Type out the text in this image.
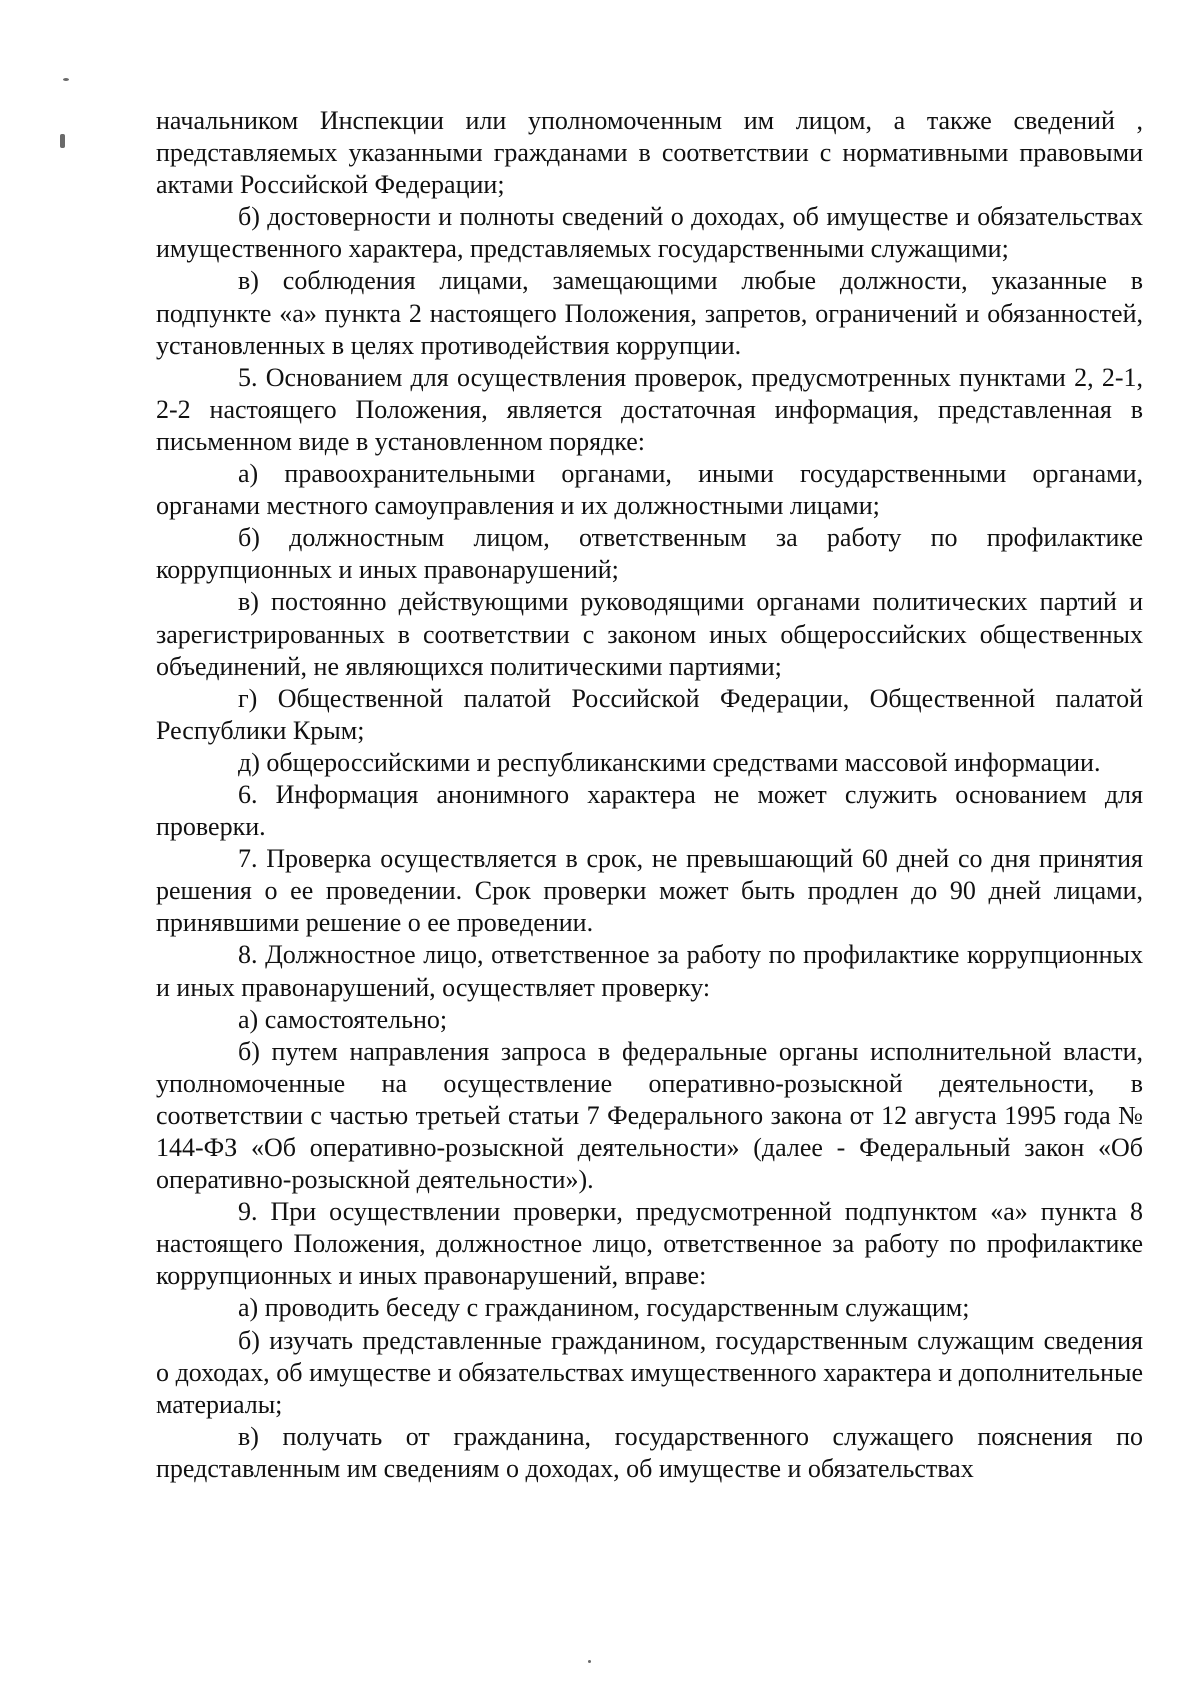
начальником Инспекции или уполномоченным им лицом, а также сведений , представляемых указанными гражданами в соответствии с нормативными правовыми актами Российской Федерации;

б) достоверности и полноты сведений о доходах, об имуществе и обязательствах имущественного характера, представляемых государственными служащими;

в) соблюдения лицами, замещающими любые должности, указанные в подпункте «а» пункта 2 настоящего Положения, запретов, ограничений и обязанностей, установленных в целях противодействия коррупции.

5. Основанием для осуществления проверок, предусмотренных пунктами 2, 2-1, 2-2 настоящего Положения, является достаточная информация, представленная в письменном виде в установленном порядке:

а) правоохранительными органами, иными государственными органами, органами местного самоуправления и их должностными лицами;

б) должностным лицом, ответственным за работу по профилактике коррупционных и иных правонарушений;

в) постоянно действующими руководящими органами политических партий и зарегистрированных в соответствии с законом иных общероссийских общественных объединений, не являющихся политическими партиями;

г) Общественной палатой Российской Федерации, Общественной палатой Республики Крым;

д) общероссийскими и республиканскими средствами массовой информации.

6. Информация анонимного характера не может служить основанием для проверки.

7. Проверка осуществляется в срок, не превышающий 60 дней со дня принятия решения о ее проведении. Срок проверки может быть продлен до 90 дней лицами, принявшими решение о ее проведении.

8. Должностное лицо, ответственное за работу по профилактике коррупционных и иных правонарушений, осуществляет проверку:

а) самостоятельно;

б) путем направления запроса в федеральные органы исполнительной власти, уполномоченные на осуществление оперативно-розыскной деятельности, в соответствии с частью третьей статьи 7 Федерального закона от 12 августа 1995 года № 144-ФЗ «Об оперативно-розыскной деятельности» (далее - Федеральный закон «Об оперативно-розыскной деятельности»).

9. При осуществлении проверки, предусмотренной подпунктом «а» пункта 8 настоящего Положения, должностное лицо, ответственное за работу по профилактике коррупционных и иных правонарушений, вправе:

а) проводить беседу с гражданином, государственным служащим;

б) изучать представленные гражданином, государственным служащим сведения о доходах, об имуществе и обязательствах имущественного характера и дополнительные материалы;

в) получать от гражданина, государственного служащего пояснения по представленным им сведениям о доходах, об имуществе и обязательствах
